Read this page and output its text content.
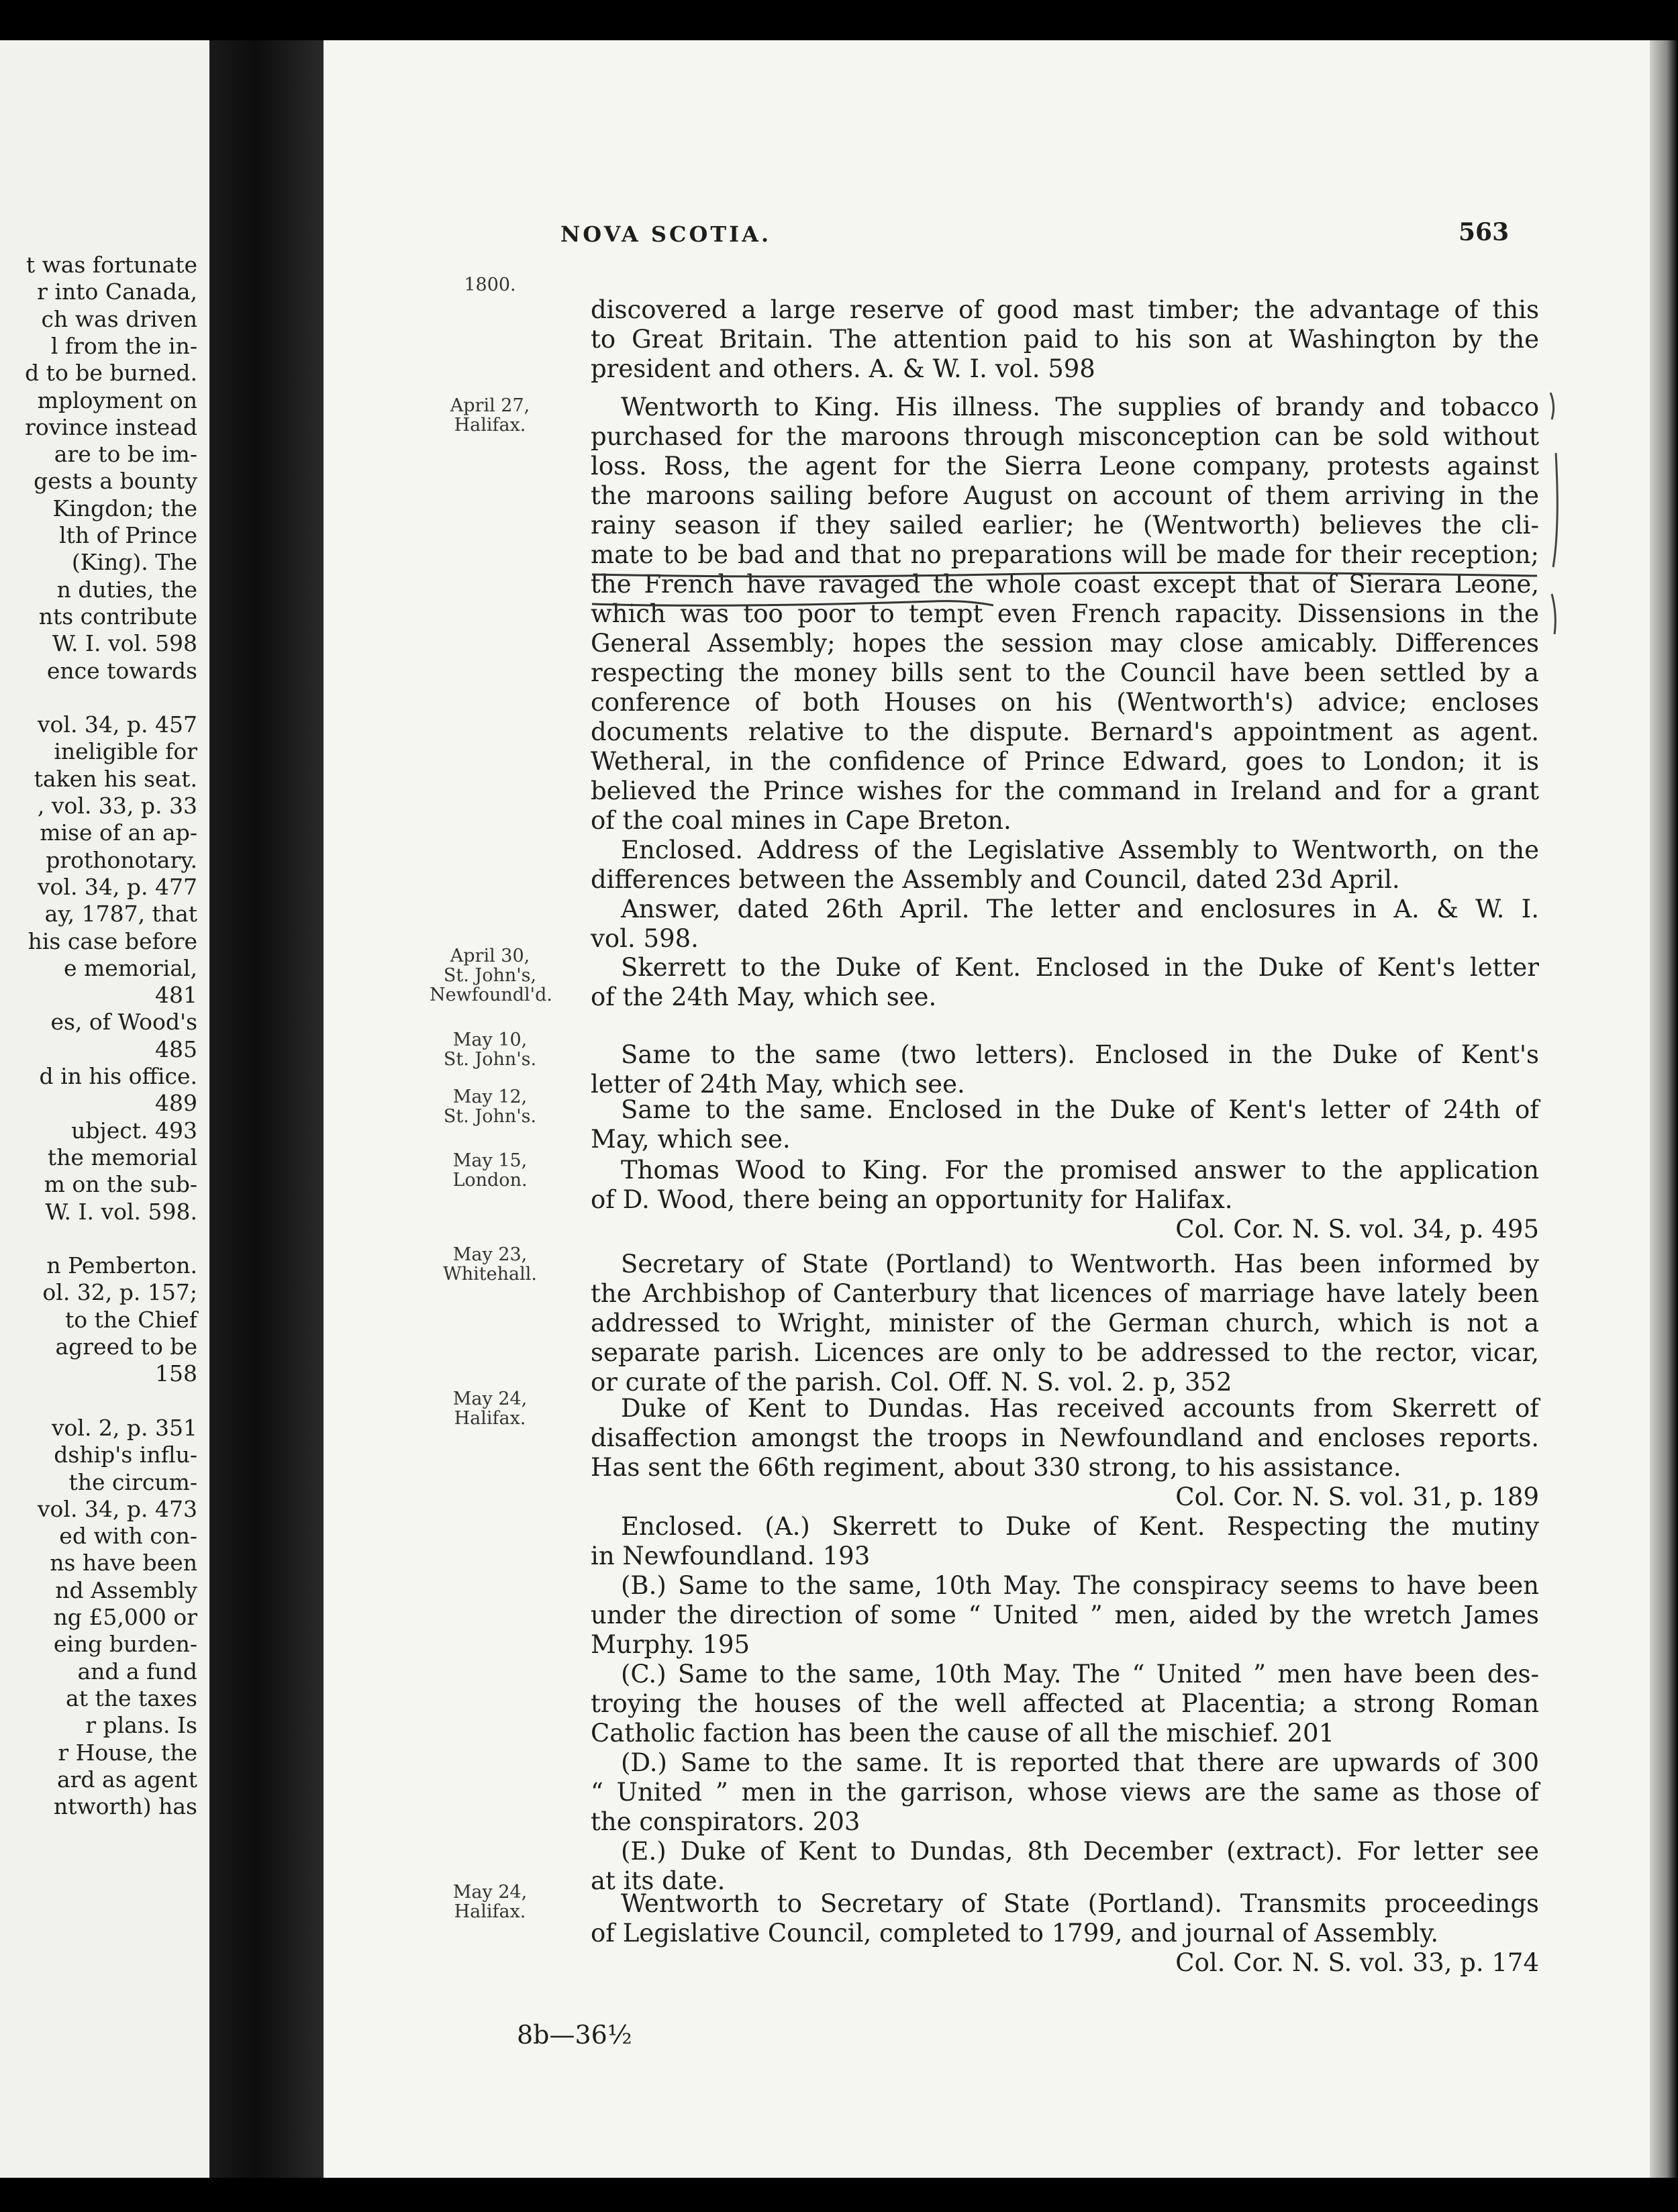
t was fortunate
r into Canada,
ch was driven
l from the in-
d to be burned.
mployment on
rovince instead
are to be im-
gests a bounty
Kingdon; the
lth of Prince
(King). The
n duties, the
nts contribute
W. I. vol. 598
ence towards
vol. 34, p. 457
ineligible for
taken his seat.
, vol. 33, p. 33
mise of an ap-
prothonotary.
vol. 34, p. 477
ay, 1787, that
his case before
e memorial,
481
es, of Wood's
485
d in his office.
489
ubject. 493
the memorial
m on the sub-
W. I. vol. 598.
n Pemberton.
ol. 32, p. 157;
to the Chief
agreed to be
158
vol. 2, p. 351
dship's influ-
the circum-
vol. 34, p. 473
ed with con-
ns have been
nd Assembly
ng £5,000 or
eing burden-
and a fund
at the taxes
r plans. Is
r House, the
ard as agent
ntworth) has
NOVA SCOTIA.	563
1800.
April 27,
Halifax.
April 30,
St. John's,
Newfoundl'd.
May 10,
St. John's.
May 12,
St. John's.
May 15,
London.
May 23,
Whitehall.
May 24,
Halifax.
May 24,
Halifax.
discovered a large reserve of good mast timber; the advantage of this
to Great Britain. The attention paid to his son at Washington by the
president and others. A. & W. I. vol. 598
Wentworth to King. His illness. The supplies of brandy and tobacco
purchased for the maroons through misconception can be sold without
loss. Ross, the agent for the Sierra Leone company, protests against
the maroons sailing before August on account of them arriving in the
rainy season if they sailed earlier; he (Wentworth) believes the cli-
mate to be bad and that no preparations will be made for their reception;
the French have ravaged the whole coast except that of Sierara Leone,
which was too poor to tempt even French rapacity. Dissensions in the
General Assembly; hopes the session may close amicably. Differences
respecting the money bills sent to the Council have been settled by a
conference of both Houses on his (Wentworth's) advice; encloses
documents relative to the dispute. Bernard's appointment as agent.
Wetheral, in the confidence of Prince Edward, goes to London; it is
believed the Prince wishes for the command in Ireland and for a grant
of the coal mines in Cape Breton.
Enclosed. Address of the Legislative Assembly to Wentworth, on the
differences between the Assembly and Council, dated 23d April.
Answer, dated 26th April. The letter and enclosures in A. & W. I.
vol. 598.
Skerrett to the Duke of Kent. Enclosed in the Duke of Kent's letter
of the 24th May, which see.
Same to the same (two letters). Enclosed in the Duke of Kent's
letter of 24th May, which see.
Same to the same. Enclosed in the Duke of Kent's letter of 24th of
May, which see.
Thomas Wood to King. For the promised answer to the application
of D. Wood, there being an opportunity for Halifax.
Col. Cor. N. S. vol. 34, p. 495
Secretary of State (Portland) to Wentworth. Has been informed by
the Archbishop of Canterbury that licences of marriage have lately been
addressed to Wright, minister of the German church, which is not a
separate parish. Licences are only to be addressed to the rector, vicar,
or curate of the parish. Col. Off. N. S. vol. 2. p, 352
Duke of Kent to Dundas. Has received accounts from Skerrett of
disaffection amongst the troops in Newfoundland and encloses reports.
Has sent the 66th regiment, about 330 strong, to his assistance.
Col. Cor. N. S. vol. 31, p. 189
Enclosed. (A.) Skerrett to Duke of Kent. Respecting the mutiny
in Newfoundland. 193
(B.) Same to the same, 10th May. The conspiracy seems to have been
under the direction of some “ United ” men, aided by the wretch James
Murphy. 195
(C.) Same to the same, 10th May. The “ United ” men have been des-
troying the houses of the well affected at Placentia; a strong Roman
Catholic faction has been the cause of all the mischief. 201
(D.) Same to the same. It is reported that there are upwards of 300
“ United ” men in the garrison, whose views are the same as those of
the conspirators. 203
(E.) Duke of Kent to Dundas, 8th December (extract). For letter see
at its date.
Wentworth to Secretary of State (Portland). Transmits proceedings
of Legislative Council, completed to 1799, and journal of Assembly.
Col. Cor. N. S. vol. 33, p. 174
8b—36½
